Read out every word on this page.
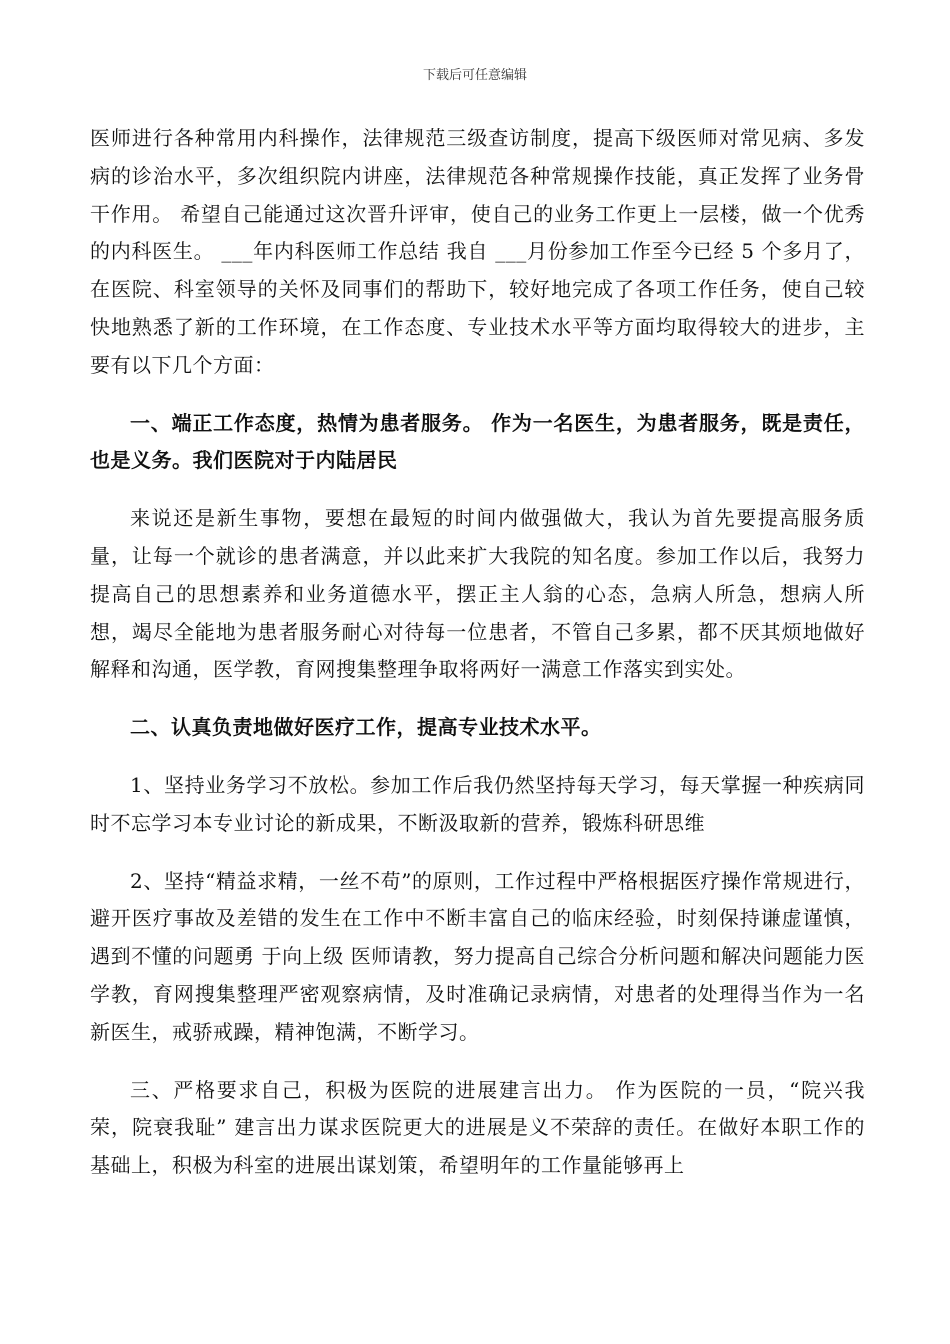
下载后可任意编辑

医师进行各种常用内科操作，法律规范三级查访制度，提高下级医师对常见病、多发病的诊治水平，多次组织院内讲座，法律规范各种常规操作技能，真正发挥了业务骨干作用。 希望自己能通过这次晋升评审，使自己的业务工作更上一层楼，做一个优秀的内科医生。 ___年内科医师工作总结 我自 ___月份参加工作至今已经 5 个多月了，在医院、科室领导的关怀及同事们的帮助下，较好地完成了各项工作任务，使自己较快地熟悉了新的工作环境，在工作态度、专业技术水平等方面均取得较大的进步，主要有以下几个方面：

一、端正工作态度，热情为患者服务。 作为一名医生，为患者服务，既是责任，也是义务。我们医院对于内陆居民

来说还是新生事物，要想在最短的时间内做强做大，我认为首先要提高服务质量，让每一个就诊的患者满意，并以此来扩大我院的知名度。参加工作以后，我努力提高自己的思想素养和业务道德水平，摆正主人翁的心态，急病人所急，想病人所想，竭尽全能地为患者服务耐心对待每一位患者，不管自己多累，都不厌其烦地做好解释和沟通，医学教，育网搜集整理争取将两好一满意工作落实到实处。

二、认真负责地做好医疗工作，提高专业技术水平。

1、坚持业务学习不放松。参加工作后我仍然坚持每天学习，每天掌握一种疾病同时不忘学习本专业讨论的新成果，不断汲取新的营养，锻炼科研思维

2、坚持“精益求精，一丝不苟”的原则，工作过程中严格根据医疗操作常规进行，避开医疗事故及差错的发生在工作中不断丰富自己的临床经验，时刻保持谦虚谨慎，遇到不懂的问题勇 于向上级 医师请教，努力提高自己综合分析问题和解决问题能力医学教，育网搜集整理严密观察病情，及时准确记录病情，对患者的处理得当作为一名新医生，戒骄戒躁，精神饱满，不断学习。

三、严格要求自己，积极为医院的进展建言出力。 作为医院的一员，“院兴我荣，院衰我耻” 建言出力谋求医院更大的进展是义不荣辞的责任。在做好本职工作的基础上，积极为科室的进展出谋划策，希望明年的工作量能够再上
